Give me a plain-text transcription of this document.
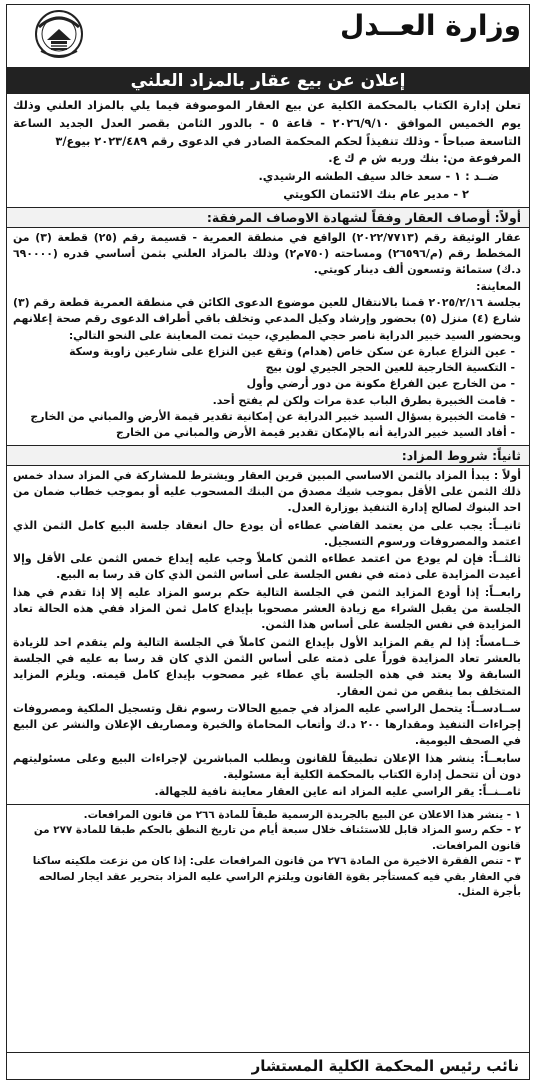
وزارة العــدل
إعلان عن بيع عقار بالمزاد العلني

تعلن إدارة الكتاب بالمحكمة الكلية عن بيع العقار الموصوفة فيما يلي بالمزاد العلني وذلك يوم الخميس الموافق ٢٠٢٦/٩/١٠ - قاعة ٥ - بالدور الثامن بقصر العدل الجديد الساعة التاسعة صباحاً - وذلك تنفيذاً لحكم المحكمة الصادر في الدعوى رقم ٢٠٢٣/٤٨٩ بيوع/٣

المرفوعة من: بنك وربه ش م ك ع.

ضــد : ١ - سعد خالد سيف الطشه الرشيدي.
٢ - مدير عام بنك الائتمان الكويتي
أولاً: أوصاف العقار وفقاً لشهادة الاوصاف المرفقة:

عقار الوثيقة رقم (٢٠٢٢/٧٧١٣) الواقع في منطقة العمرية - قسيمة رقم (٢٥) قطعة (٣) من المخطط رقم (م/٢٦٥٩٦) ومساحته (٧٥٠م٢) وذلك بالمزاد العلني بثمن أساسي قدره (٦٩٠٠٠٠ د.ك) ستمائة وتسعون ألف دينار كويتي.

المعاينة:

بجلسة ٢٠٢٥/٢/١٦ قمنا بالانتقال للعين موضوع الدعوى الكائن في منطقة العمرية قطعة رقم (٣) شارع (٤) منزل (٥) بحضور وإرشاد وكيل المدعي وتخلف باقي أطراف الدعوى رقم صحة إعلانهم وبحضور السيد خبير الدراية ناصر حجي المطيري، حيث تمت المعاينة على النحو التالي:

- عين النزاع عبارة عن سكن خاص (هدام) وتقع عين النزاع على شارعين زاوية وسكة
- التكسية الخارجية للعين الحجر الجيري لون بيج
- من الخارج عين الفراغ مكونة من دور أرضي وأول
- قامت الخبيرة بطرق الباب عدة مرات ولكن لم يفتح أحد.
- قامت الخبيرة بسؤال السيد خبير الدراية عن إمكانية تقدير قيمة الأرض والمباني من الخارج
- أفاد السيد خبير الدراية أنه بالإمكان تقدير قيمة الأرض والمباني من الخارج
ثانياً: شروط المزاد:

أولاً : يبدأ المزاد بالثمن الاساسي المبين قرين العقار ويشترط للمشاركة في المزاد سداد خمس ذلك الثمن على الأقل بموجب شيك مصدق من البنك المسحوب عليه أو بموجب خطاب ضمان من احد البنوك لصالح إدارة التنفيذ بوزارة العدل.

ثانيــاً: يجب على من يعتمد القاضي عطاءه أن يودع حال انعقاد جلسة البيع كامل الثمن الذي اعتمد والمصروفات ورسوم التسجيل.

ثالثــاً: فإن لم يودع من اعتمد عطاءه الثمن كاملاً وجب عليه إيداع خمس الثمن على الأقل وإلا أعيدت المزايدة على ذمته في نفس الجلسة على أساس الثمن الذي كان قد رسا به البيع.

رابعــاً: إذا أودع المزايد الثمن في الجلسة التالية حكم برسو المزاد عليه إلا إذا تقدم في هذا الجلسة من يقبل الشراء مع زيادة العشر مصحوبا بإيداع كامل ثمن المزاد ففي هذه الحالة تعاد المزايدة في نفس الجلسة على أساس هذا الثمن.

خــامساً: إذا لم يقم المزايد الأول بإيداع الثمن كاملاً في الجلسة التالية ولم يتقدم احد للزيادة بالعشر تعاد المزايدة فوراً على ذمته على أساس الثمن الذي كان قد رسا به عليه في الجلسة السابقة ولا يعتد في هذه الجلسة بأي عطاء غير مصحوب بإيداع كامل قيمته. ويلزم المزايد المتخلف بما ينقص من ثمن العقار.

ســادســاً: يتحمل الراسي عليه المزاد في جميع الحالات رسوم نقل وتسجيل الملكية ومصروفات إجراءات التنفيذ ومقدارها ٢٠٠ د.ك وأتعاب المحاماة والخبرة ومصاريف الإعلان والنشر عن البيع في الصحف اليومية.

سابعــاً: ينشر هذا الإعلان تطبيقاً للقانون ويطلب المباشرين لإجراءات البيع وعلى مسئوليتهم دون أن تتحمل إدارة الكتاب بالمحكمة الكلية أية مسئولية.

ثامــنــاً: يقر الراسي عليه المزاد انه عاين العقار معاينة نافية للجهالة.

١ - ينشر هذا الاعلان عن البيع بالجريدة الرسمية طبقاً للمادة ٢٦٦ من قانون المرافعات.

٢ - حكم رسو المزاد قابل للاستئناف خلال سبعة أيام من تاريخ النطق بالحكم طبقا للمادة ٢٧٧ من قانون المرافعات.

٣ - تنص الفقرة الاخيرة من المادة ٢٧٦ من قانون المرافعات على: إذا كان من نزعت ملكيته ساكنا في العقار بقي فيه كمستأجر بقوة القانون ويلتزم الراسي عليه المزاد بتحرير عقد ايجار لصالحه بأجرة المثل.

نائب رئيس المحكمة الكلية المستشار
